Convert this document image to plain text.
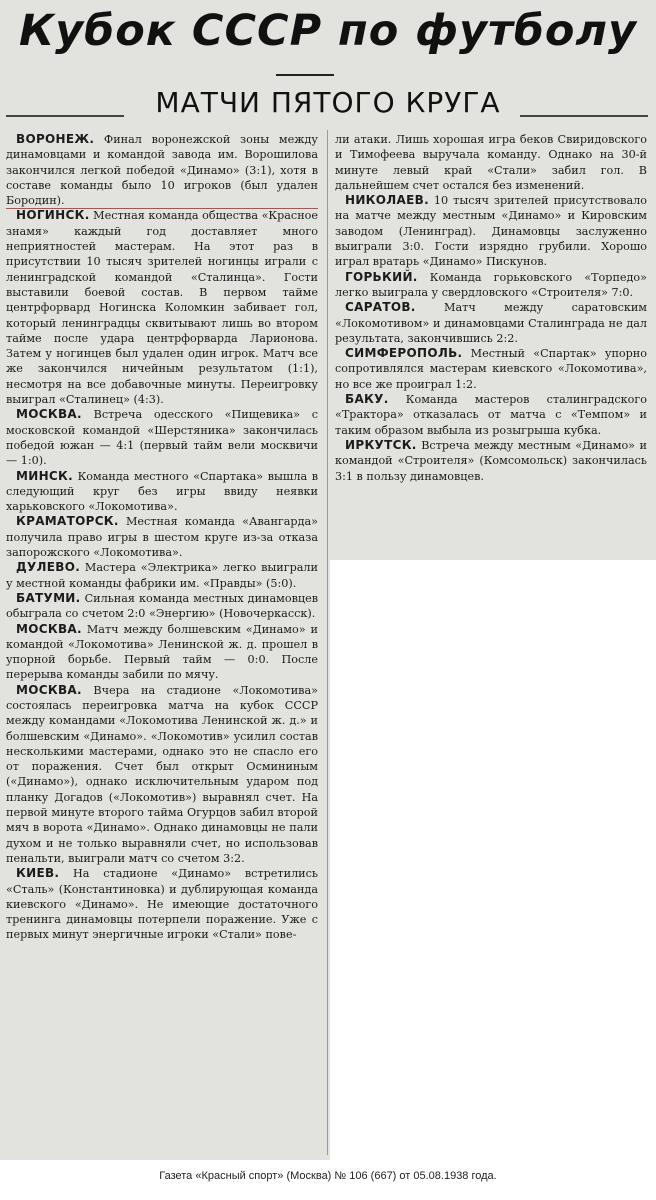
Кубок СССР по футболу
МАТЧИ ПЯТОГО КРУГА

ВОРОНЕЖ. Финал воронежской зоны между динамовцами и командой завода им. Ворошилова закончился легкой победой «Динамо» (3:1), хотя в составе команды было 10 игроков (был удален Бородин).

НОГИНСК. Местная команда общества «Красное знамя» каждый год доставляет много неприятностей мастерам. На этот раз в присутствии 10 тысяч зрителей ногинцы играли с ленинградской командой «Сталинца». Гости выставили боевой состав. В первом тайме центрфорвард Ногинска Коломкин забивает гол, который ленинградцы сквитывают лишь во втором тайме после удара центрфорварда Ларионова. Затем у ногинцев был удален один игрок. Матч все же закончился ничейным результатом (1:1), несмотря на все добавочные минуты. Переигровку выиграл «Сталинец» (4:3).

МОСКВА. Встреча одесского «Пищевика» с московской командой «Шерстяника» закончилась победой южан — 4:1 (первый тайм вели москвичи — 1:0).

МИНСК. Команда местного «Спартака» вышла в следующий круг без игры ввиду неявки харьковского «Локомотива».

КРАМАТОРСК. Местная команда «Авангарда» получила право игры в шестом круге из-за отказа запорожского «Локомотива».

ДУЛЕВО. Мастера «Электрика» легко выиграли у местной команды фабрики им. «Правды» (5:0).

БАТУМИ. Сильная команда местных динамовцев обыграла со счетом 2:0 «Энергию» (Новочеркасск).

МОСКВА. Матч между болшевским «Динамо» и командой «Локомотива» Ленинской ж. д. прошел в упорной борьбе. Первый тайм — 0:0. После перерыва команды забили по мячу.

МОСКВА. Вчера на стадионе «Локомотива» состоялась переигровка матча на кубок СССР между командами «Локомотива Ленинской ж. д.» и болшевским «Динамо». «Локомотив» усилил состав несколькими мастерами, однако это не спасло его от поражения. Счет был открыт Осмининым («Динамо»), однако исключительным ударом под планку Догадов («Локомотив») выравнял счет. На первой минуте второго тайма Огурцов забил второй мяч в ворота «Динамо». Однако динамовцы не пали духом и не только выравняли счет, но использовав пенальти, выиграли матч со счетом 3:2.

КИЕВ. На стадионе «Динамо» встретились «Сталь» (Константиновка) и дублирующая команда киевского «Динамо». Не имеющие достаточного тренинга динамовцы потерпели поражение. Уже с первых минут энергичные игроки «Стали» пове-

ли атаки. Лишь хорошая игра беков Свиридовского и Тимофеева выручала команду. Однако на 30-й минуте левый край «Стали» забил гол. В дальнейшем счет остался без изменений.

НИКОЛАЕВ. 10 тысяч зрителей присутствовало на матче между местным «Динамо» и Кировским заводом (Ленинград). Динамовцы заслуженно выиграли 3:0. Гости изрядно грубили. Хорошо играл вратарь «Динамо» Пискунов.

ГОРЬКИЙ. Команда горьковского «Торпедо» легко выиграла у свердловского «Строителя» 7:0.

САРАТОВ.	Матч между саратовским «Локомотивом» и динамовцами Сталинграда не дал результата, закончившись 2:2.

СИМФЕРОПОЛЬ. Местный «Спартак» упорно сопротивлялся мастерам киевского «Локомотива», но все же проиграл 1:2.

БАКУ. Команда мастеров сталинградского «Трактора» отказалась от матча с «Темпом» и таким образом выбыла из розыгрыша кубка.

ИРКУТСК. Встреча между местным «Динамо» и командой «Строителя» (Комсомольск) закончилась 3:1 в пользу динамовцев.

Газета «Красный спорт» (Москва) № 106 (667) от 05.08.1938 года.
